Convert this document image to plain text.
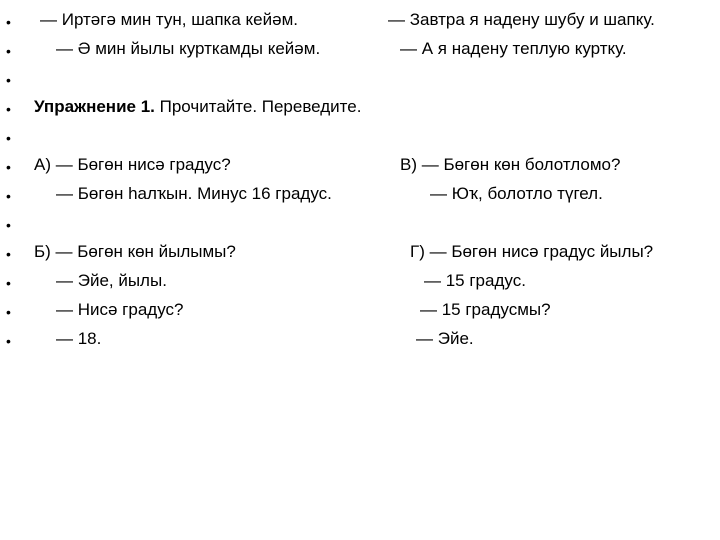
• — Иртәгә мин тун, шапка кейәм.	— Завтра я надену шубу и шапку.
•	— Ә мин йылы курткамды кейәм.	— А я надену теплую куртку.
•
• Упражнение 1. Прочитайте. Переведите.
•
• А) — Бөгөн нисә градус?	В) — Бөгөн көн болотломо?
•	— Бөгөн һалҡын. Минус 16 градус.	— Юҡ, болотло түгел.
•
• Б) — Бөгөн көн йылымы?	Г) — Бөгөн нисә градус йылы?
•	— Эйе, йылы.	— 15 градус.
•	— Нисә градус?	— 15 градусмы?
•	— 18.	— Эйе.
